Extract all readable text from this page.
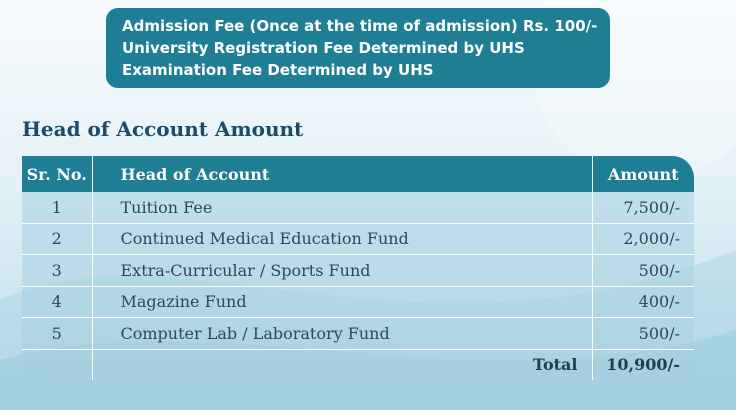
Admission Fee (Once at the time of admission) Rs. 100/-
University Registration Fee Determined by UHS
Examination Fee Determined by UHS
Head of Account Amount
Sr. No.	Head of Account	Amount
1	Tuition Fee	7,500/-
2	Continued Medical Education Fund	2,000/-
3	Extra-Curricular / Sports Fund	500/-
4	Magazine Fund	400/-
5	Computer Lab / Laboratory Fund	500/-
	Total	10,900/-
